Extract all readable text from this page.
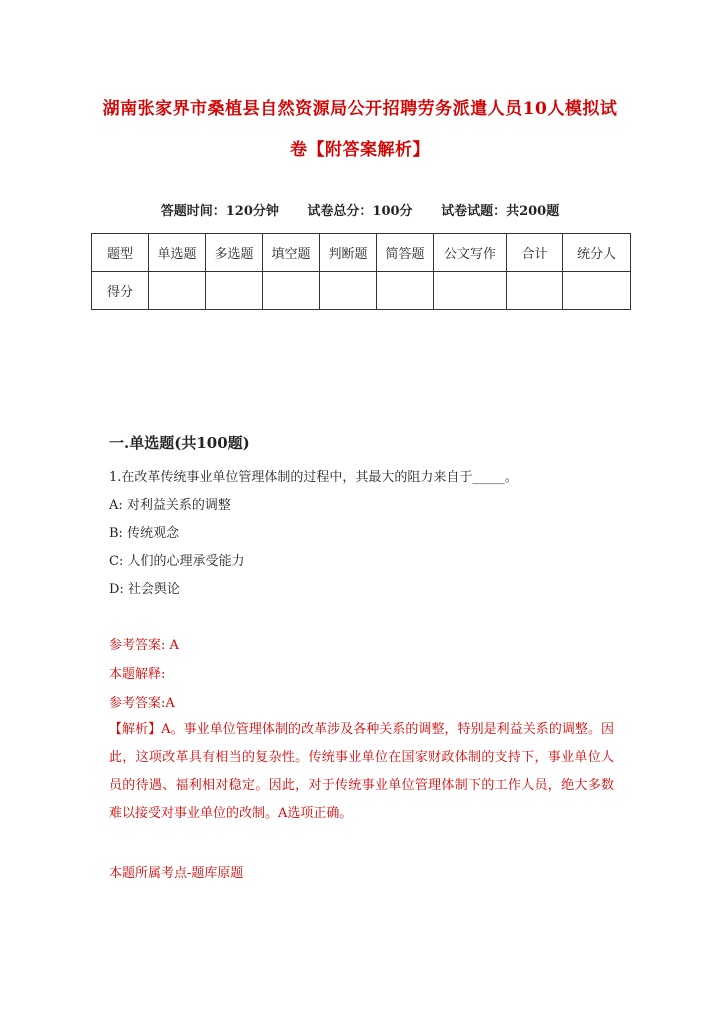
湖南张家界市桑植县自然资源局公开招聘劳务派遣人员10人模拟试
卷【附答案解析】
答题时间：120分钟 试卷总分：100分 试卷试题：共200题
题型	单选题	多选题	填空题	判断题	简答题	公文写作	合计	统分人
得分								
一.单选题(共100题)
1.在改革传统事业单位管理体制的过程中，其最大的阻力来自于_____。
A: 对利益关系的调整
B: 传统观念
C: 人们的心理承受能力
D: 社会舆论
参考答案: A
本题解释:
参考答案:A
【解析】A。事业单位管理体制的改革涉及各种关系的调整，特别是利益关系的调整。因此，这项改革具有相当的复杂性。传统事业单位在国家财政体制的支持下，事业单位人员的待遇、福利相对稳定。因此，对于传统事业单位管理体制下的工作人员，绝大多数难以接受对事业单位的改制。A选项正确。
本题所属考点-题库原题
